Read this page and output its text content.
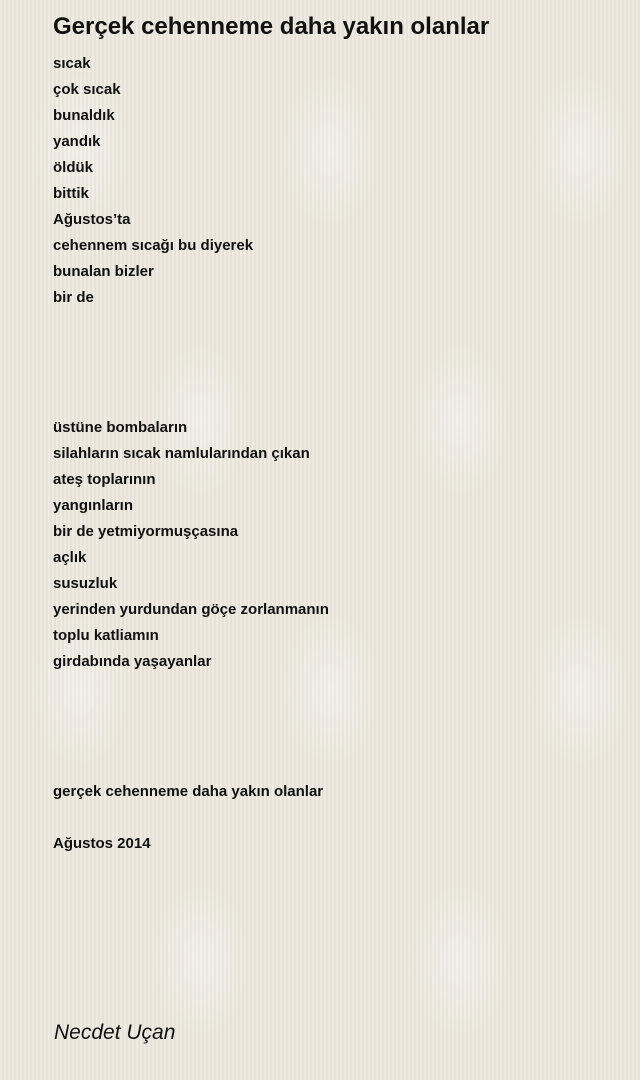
Gerçek cehenneme daha yakın olanlar
sıcak
çok sıcak
bunaldık
yandık
öldük
bittik
Ağustos’ta
cehennem sıcağı bu diyerek
bunalan bizler
bir de
üstüne bombaların
silahların sıcak namlularından çıkan
ateş toplarının
yangınların
bir de yetmiyormuşçasına
açlık
susuzluk
yerinden yurdundan göçe zorlanmanın
toplu katliamın
girdabında yaşayanlar
gerçek cehenneme daha yakın olanlar
Ağustos 2014
Necdet Uçan
